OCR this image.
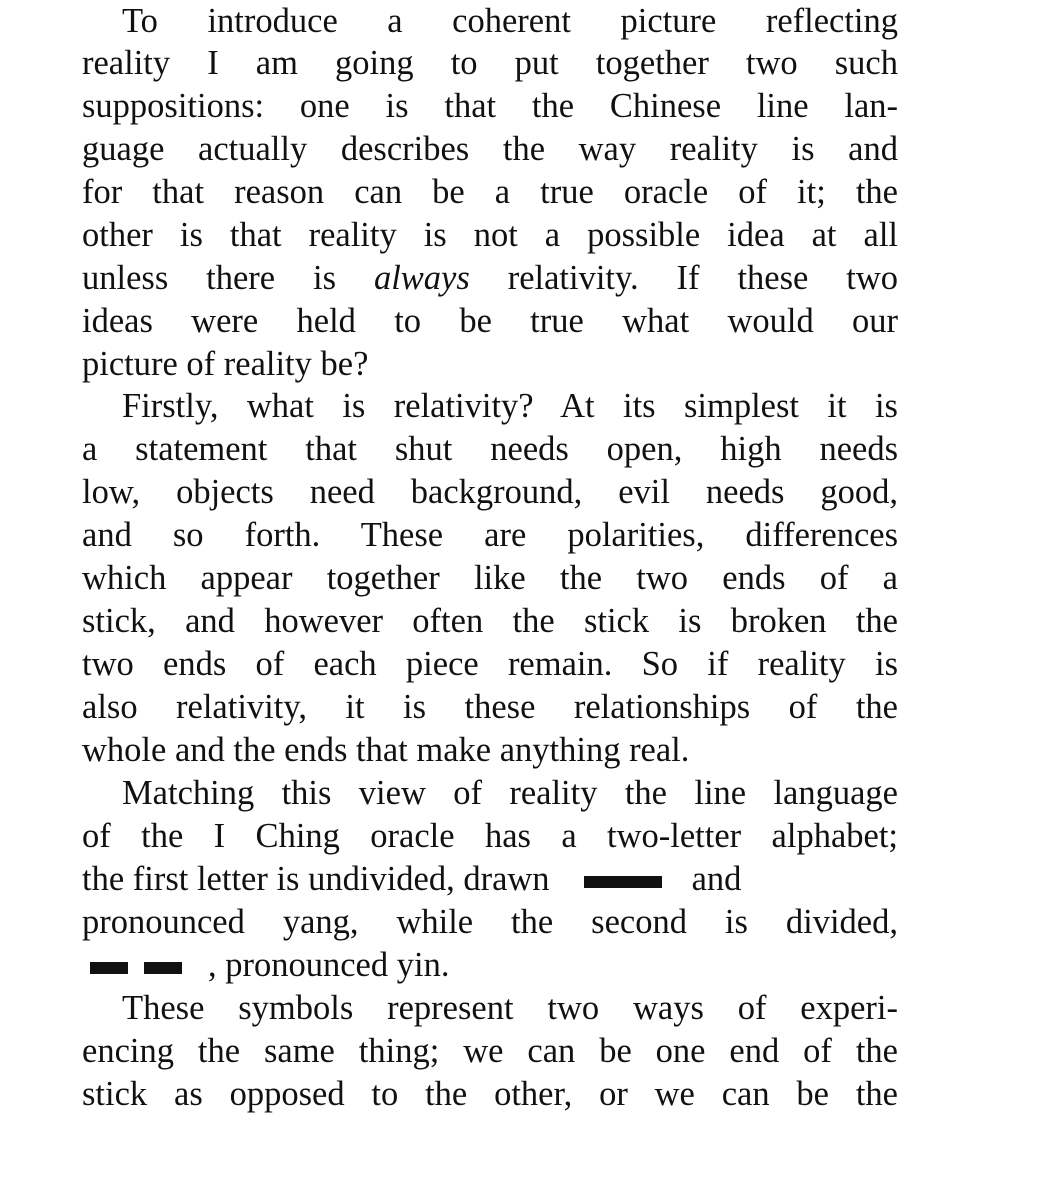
To introduce a coherent picture reflecting
reality I am going to put together two such
suppositions: one is that the Chinese line lan-
guage actually describes the way reality is and
for that reason can be a true oracle of it; the
other is that reality is not a possible idea at all
unless there is always relativity. If these two
ideas were held to be true what would our
picture of reality be?
Firstly, what is relativity? At its simplest it is
a statement that shut needs open, high needs
low, objects need background, evil needs good,
and so forth. These are polarities, differences
which appear together like the two ends of a
stick, and however often the stick is broken the
two ends of each piece remain. So if reality is
also relativity, it is these relationships of the
whole and the ends that make anything real.
Matching this view of reality the line language
of the I Ching oracle has a two-letter alphabet;
the first letter is undivided, drawn	and
pronounced yang, while the second is divided,
, pronounced yin.
These symbols represent two ways of experi-
encing the same thing; we can be one end of the
stick as opposed to the other, or we can be the
